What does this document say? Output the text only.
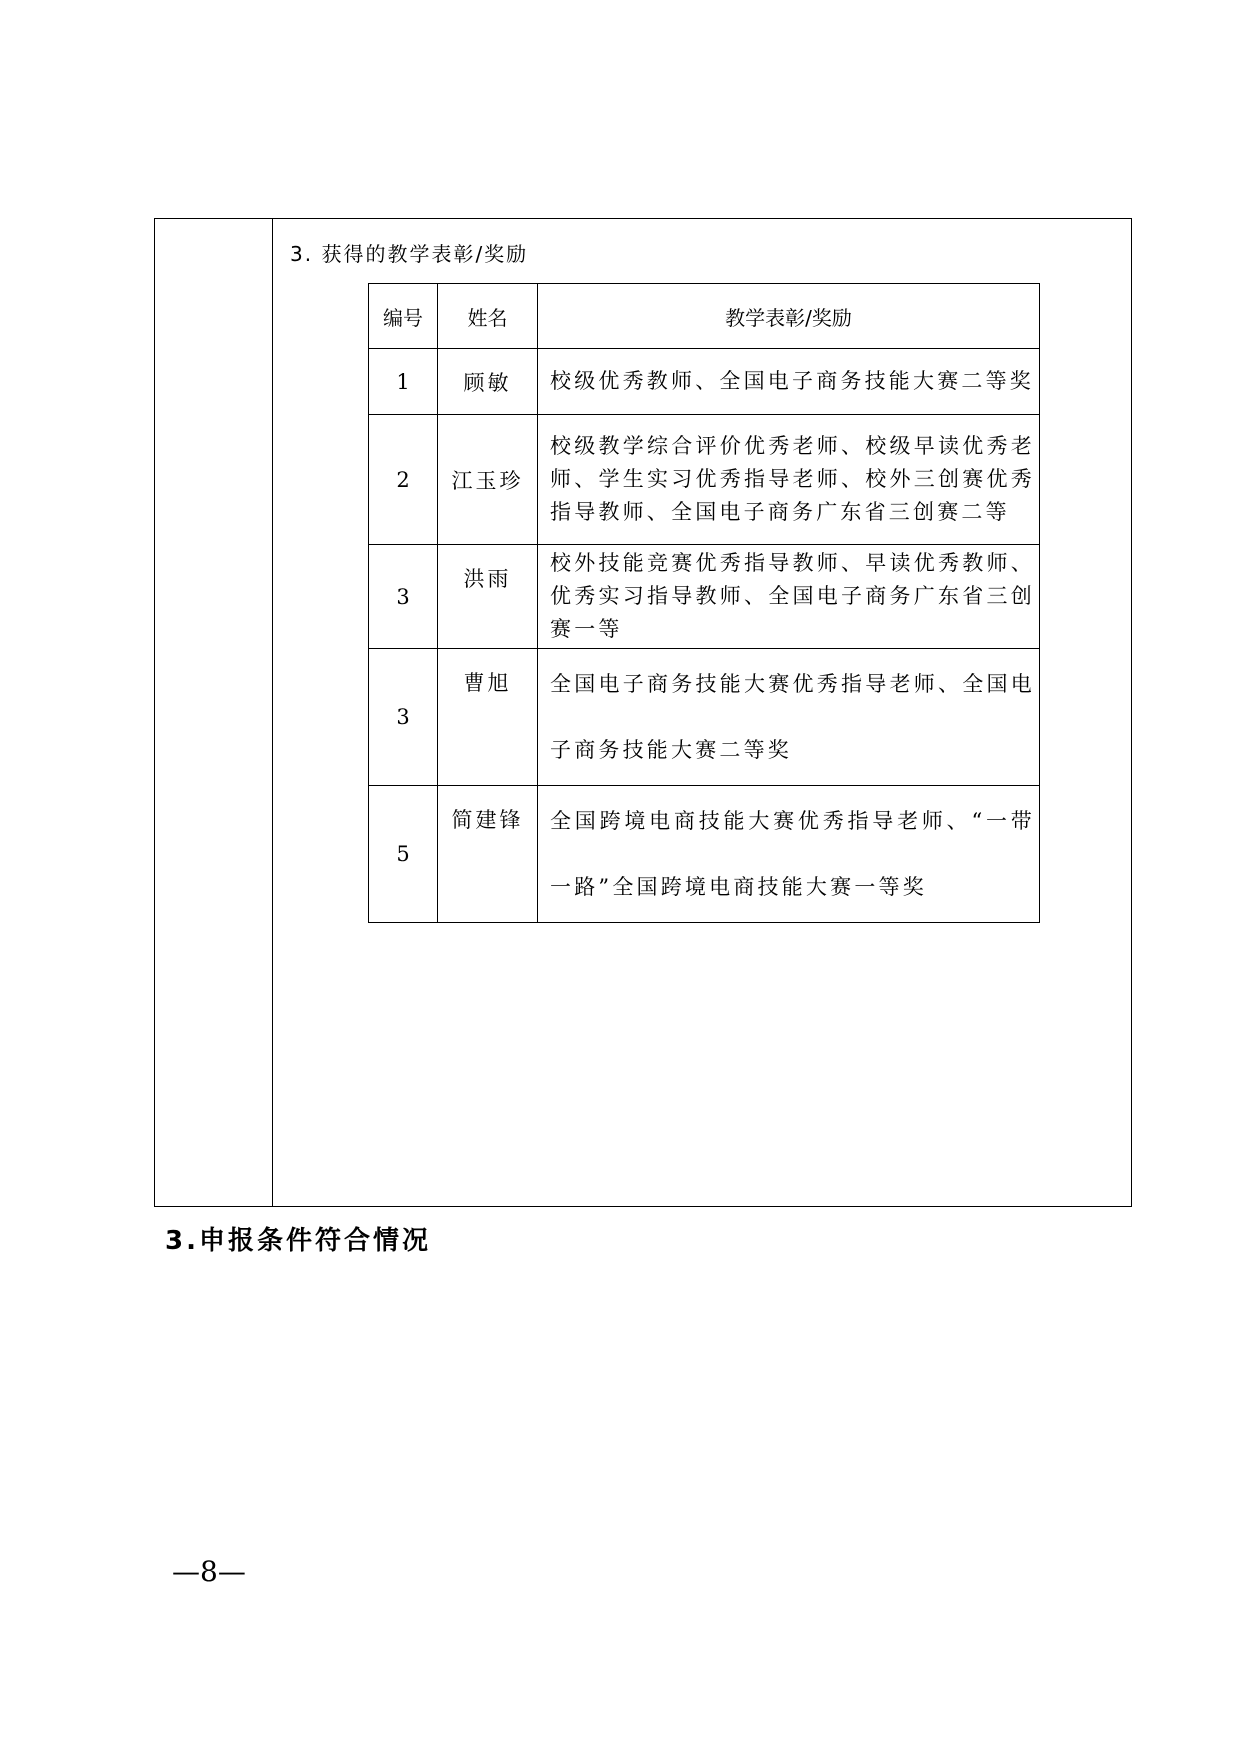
3. 获得的教学表彰/奖励
编号	姓名	教学表彰/奖励
1	顾敏	校级优秀教师、全国电子商务技能大赛二等奖
2	江玉珍	校级教学综合评价优秀老师、校级早读优秀老师、学生实习优秀指导老师、校外三创赛优秀指导教师、全国电子商务广东省三创赛二等
3	洪雨	校外技能竞赛优秀指导教师、早读优秀教师、优秀实习指导教师、全国电子商务广东省三创赛一等
3	曹旭	全国电子商务技能大赛优秀指导老师、全国电子商务技能大赛二等奖
5	简建锋	全国跨境电商技能大赛优秀指导老师、“一带一路”全国跨境电商技能大赛一等奖
3.申报条件符合情况
—8—
